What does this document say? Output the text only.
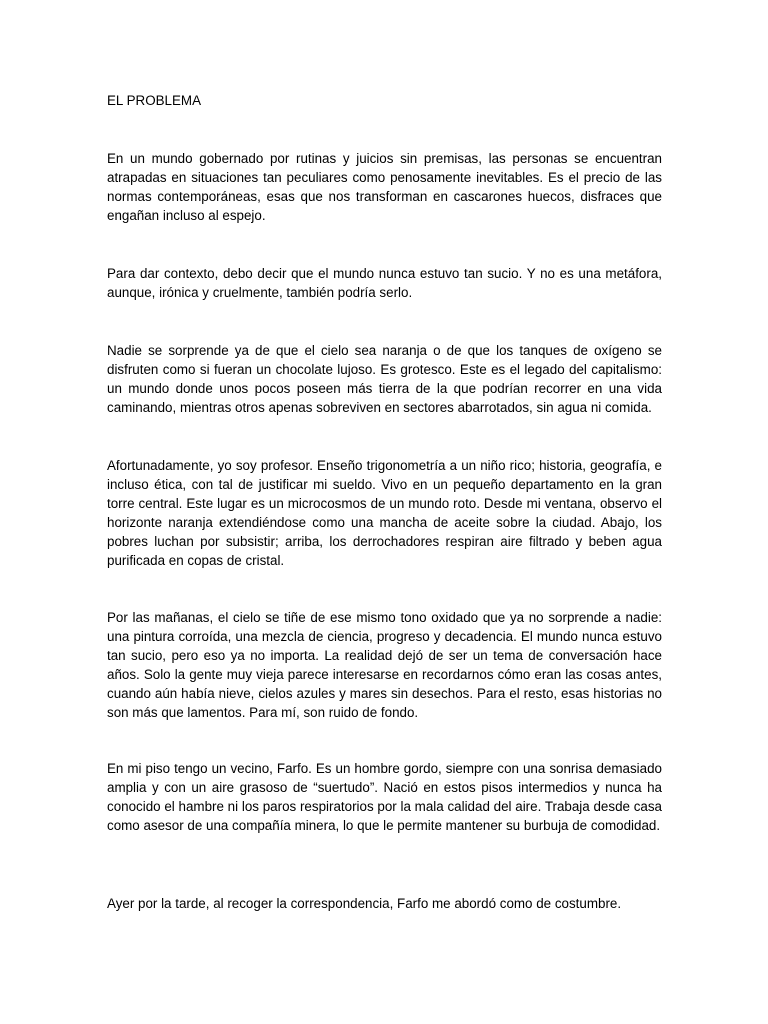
EL PROBLEMA

En un mundo gobernado por rutinas y juicios sin premisas, las personas se encuentran atrapadas en situaciones tan peculiares como penosamente inevitables. Es el precio de las normas contemporáneas, esas que nos transforman en cascarones huecos, disfraces que engañan incluso al espejo.

Para dar contexto, debo decir que el mundo nunca estuvo tan sucio. Y no es una metáfora, aunque, irónica y cruelmente, también podría serlo.

Nadie se sorprende ya de que el cielo sea naranja o de que los tanques de oxígeno se disfruten como si fueran un chocolate lujoso. Es grotesco. Este es el legado del capitalismo: un mundo donde unos pocos poseen más tierra de la que podrían recorrer en una vida caminando, mientras otros apenas sobreviven en sectores abarrotados, sin agua ni comida.

Afortunadamente, yo soy profesor. Enseño trigonometría a un niño rico; historia, geografía, e incluso ética, con tal de justificar mi sueldo. Vivo en un pequeño departamento en la gran torre central. Este lugar es un microcosmos de un mundo roto. Desde mi ventana, observo el horizonte naranja extendiéndose como una mancha de aceite sobre la ciudad. Abajo, los pobres luchan por subsistir; arriba, los derrochadores respiran aire filtrado y beben agua purificada en copas de cristal.

Por las mañanas, el cielo se tiñe de ese mismo tono oxidado que ya no sorprende a nadie: una pintura corroída, una mezcla de ciencia, progreso y decadencia. El mundo nunca estuvo tan sucio, pero eso ya no importa. La realidad dejó de ser un tema de conversación hace años. Solo la gente muy vieja parece interesarse en recordarnos cómo eran las cosas antes, cuando aún había nieve, cielos azules y mares sin desechos. Para el resto, esas historias no son más que lamentos. Para mí, son ruido de fondo.

En mi piso tengo un vecino, Farfo. Es un hombre gordo, siempre con una sonrisa demasiado amplia y con un aire grasoso de “suertudo”. Nació en estos pisos intermedios y nunca ha conocido el hambre ni los paros respiratorios por la mala calidad del aire. Trabaja desde casa como asesor de una compañía minera, lo que le permite mantener su burbuja de comodidad.

Ayer por la tarde, al recoger la correspondencia, Farfo me abordó como de costumbre.
